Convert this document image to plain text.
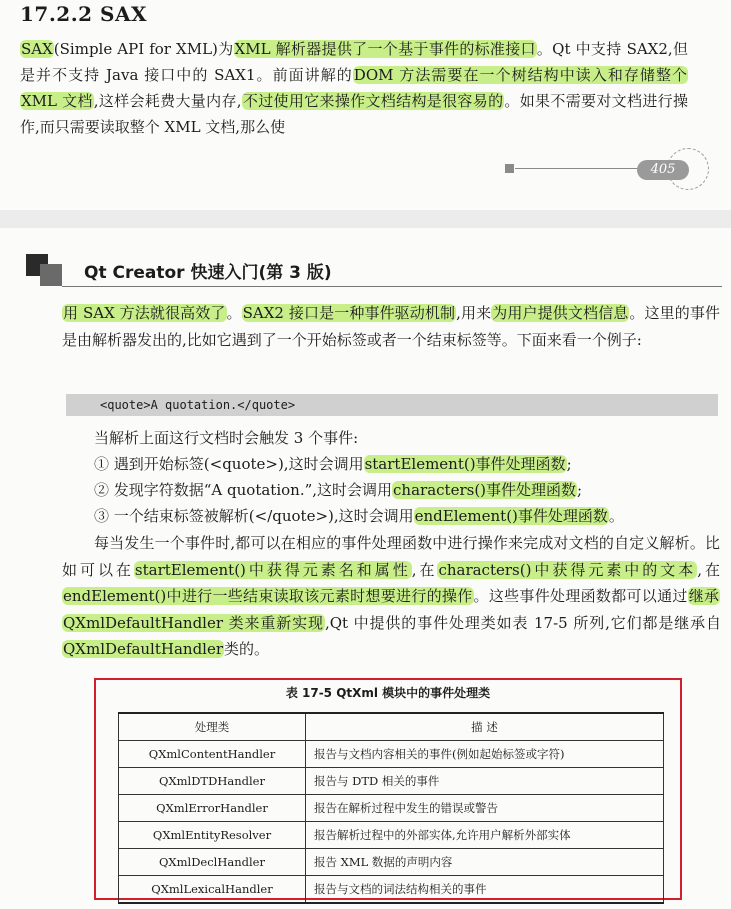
17.2.2 SAX
SAX(Simple API for XML)为XML 解析器提供了一个基于事件的标准接口。Qt 中支持 SAX2,但是并不支持 Java 接口中的 SAX1。前面讲解的DOM 方法需要在一个树结构中读入和存储整个 XML 文档,这样会耗费大量内存,不过使用它来操作文档结构是很容易的。如果不需要对文档进行操作,而只需要读取整个 XML 文档,那么使
405
Qt Creator 快速入门(第 3 版)
用 SAX 方法就很高效了。SAX2 接口是一种事件驱动机制,用来为用户提供文档信息。这里的事件是由解析器发出的,比如它遇到了一个开始标签或者一个结束标签等。下面来看一个例子:
<quote>A quotation.</quote>
当解析上面这行文档时会触发 3 个事件:
① 遇到开始标签(<quote>),这时会调用startElement()事件处理函数;
② 发现字符数据“A quotation.”,这时会调用characters()事件处理函数;
③ 一个结束标签被解析(</quote>),这时会调用endElement()事件处理函数。
每当发生一个事件时,都可以在相应的事件处理函数中进行操作来完成对文档的自定义解析。比如可以在startElement()中获得元素名和属性,在characters()中获得元素中的文本,在endElement()中进行一些结束读取该元素时想要进行的操作。这些事件处理函数都可以通过继承 QXmlDefaultHandler 类来重新实现,Qt 中提供的事件处理类如表 17-5 所列,它们都是继承自QXmlDefaultHandler类的。
表 17-5 QtXml 模块中的事件处理类
处理类	描 述
QXmlContentHandler	报告与文档内容相关的事件(例如起始标签或字符)
QXmlDTDHandler	报告与 DTD 相关的事件
QXmlErrorHandler	报告在解析过程中发生的错误或警告
QXmlEntityResolver	报告解析过程中的外部实体,允许用户解析外部实体
QXmlDeclHandler	报告 XML 数据的声明内容
QXmlLexicalHandler	报告与文档的词法结构相关的事件
